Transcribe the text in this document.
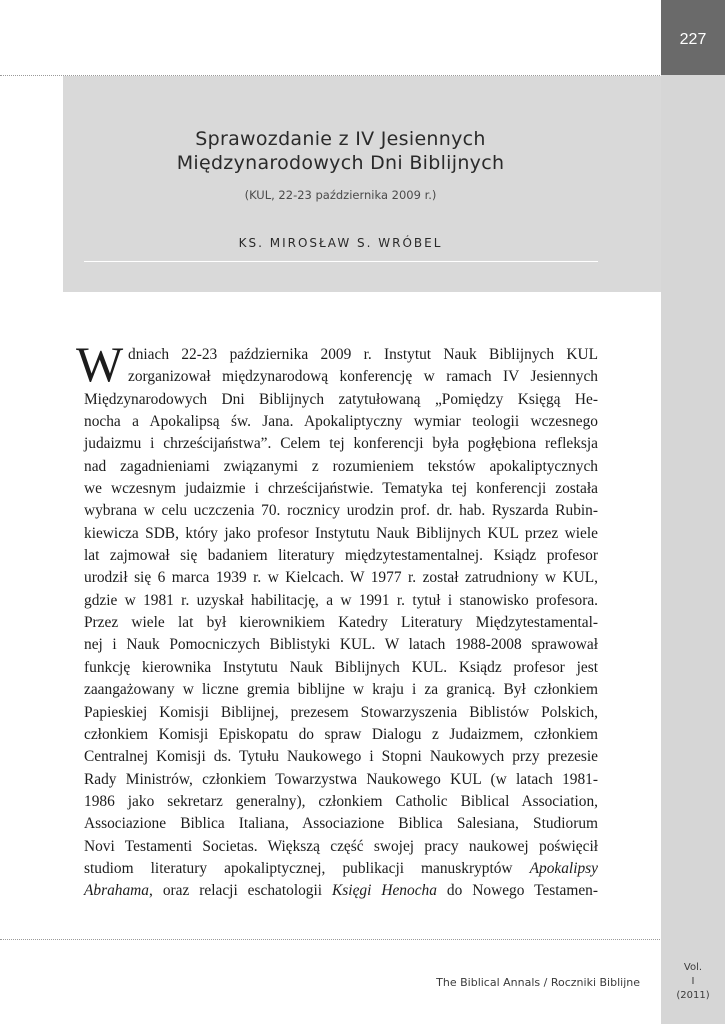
227
Sprawozdanie z IV Jesiennych
Międzynarodowych Dni Biblijnych
(KUL, 22-23 października 2009 r.)
KS. MIROSŁAW S. WRÓBEL
W dniach 22-23 października 2009 r. Instytut Nauk Biblijnych KUL
zorganizował międzynarodową konferencję w ramach IV Jesiennych
Międzynarodowych Dni Biblijnych zatytułowaną „Pomiędzy Księgą He-
nocha a Apokalipsą św. Jana. Apokaliptyczny wymiar teologii wczesnego
judaizmu i chrześcijaństwa”. Celem tej konferencji była pogłębiona refleksja
nad zagadnieniami związanymi z rozumieniem tekstów apokaliptycznych
we wczesnym judaizmie i chrześcijaństwie. Tematyka tej konferencji została
wybrana w celu uczczenia 70. rocznicy urodzin prof. dr. hab. Ryszarda Rubin-
kiewicza SDB, który jako profesor Instytutu Nauk Biblijnych KUL przez wiele
lat zajmował się badaniem literatury międzytestamentalnej. Ksiądz profesor
urodził się 6 marca 1939 r. w Kielcach. W 1977 r. został zatrudniony w KUL,
gdzie w 1981 r. uzyskał habilitację, a w 1991 r. tytuł i stanowisko profesora.
Przez wiele lat był kierownikiem Katedry Literatury Międzytestamental-
nej i Nauk Pomocniczych Biblistyki KUL. W latach 1988-2008 sprawował
funkcję kierownika Instytutu Nauk Biblijnych KUL. Ksiądz profesor jest
zaangażowany w liczne gremia biblijne w kraju i za granicą. Był członkiem
Papieskiej Komisji Biblijnej, prezesem Stowarzyszenia Biblistów Polskich,
członkiem Komisji Episkopatu do spraw Dialogu z Judaizmem, członkiem
Centralnej Komisji ds. Tytułu Naukowego i Stopni Naukowych przy prezesie
Rady Ministrów, członkiem Towarzystwa Naukowego KUL (w latach 1981-
1986 jako sekretarz generalny), członkiem Catholic Biblical Association,
Associazione Biblica Italiana, Associazione Biblica Salesiana, Studiorum
Novi Testamenti Societas. Większą część swojej pracy naukowej poświęcił
studiom literatury apokaliptycznej, publikacji manuskryptów Apokalipsy
Abrahama, oraz relacji eschatologii Księgi Henocha do Nowego Testamen-
The Biblical Annals / Roczniki Biblijne
Vol.
I
(2011)
